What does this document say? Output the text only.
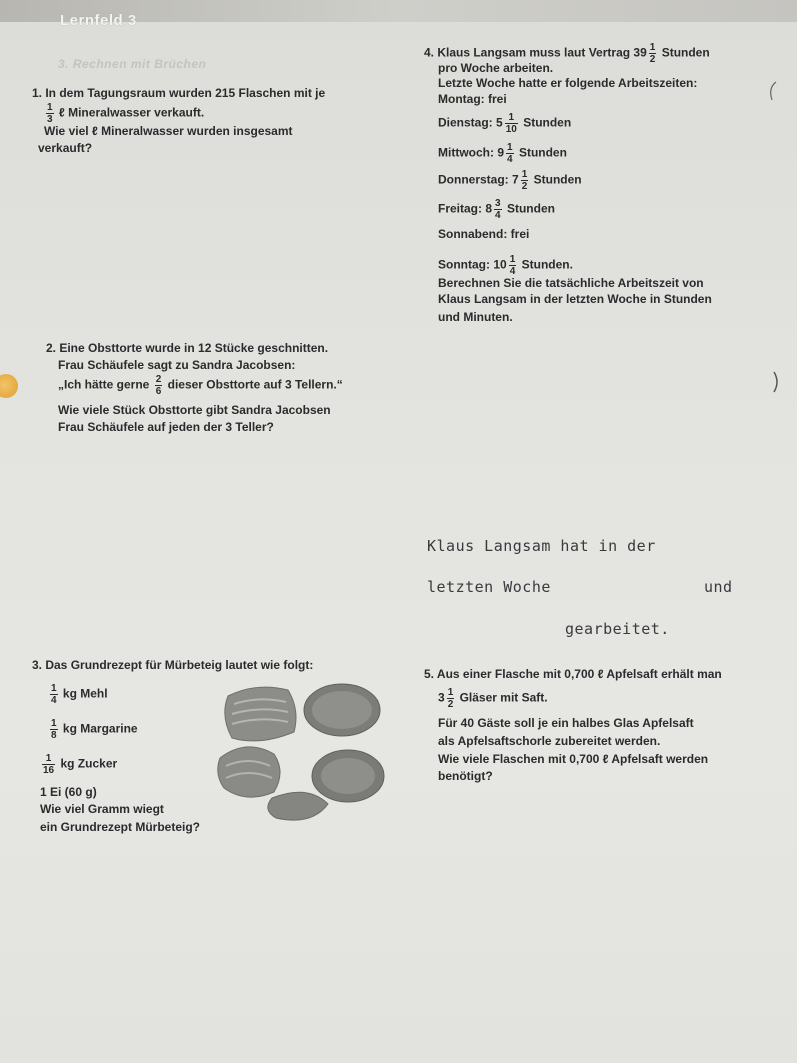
Lernfeld 3
3. Rechnen mit Brüchen
1. In dem Tagungsraum wurden 215 Flaschen mit je
$\frac{1}{3}$ ℓ Mineralwasser verkauft.
Wie viel ℓ Mineralwasser wurden insgesamt
verkauft?
4. Klaus Langsam muss laut Vertrag $39 \frac{1}{2}$ Stunden
pro Woche arbeiten.
Letzte Woche hatte er folgende Arbeitszeiten:
Montag: frei
Dienstag: $5 \frac{1}{10}$ Stunden
Mittwoch: $9 \frac{1}{4}$ Stunden
Donnerstag: $7 \frac{1}{2}$ Stunden
Freitag: $8 \frac{3}{4}$ Stunden
Sonnabend: frei
Sonntag: $10 \frac{1}{4}$ Stunden.
Berechnen Sie die tatsächliche Arbeitszeit von
Klaus Langsam in der letzten Woche in Stunden
und Minuten.
2. Eine Obsttorte wurde in 12 Stücke geschnitten.
Frau Schäufele sagt zu Sandra Jacobsen:
„Ich hätte gerne $\frac{2}{6}$ dieser Obsttorte auf 3 Tellern.“
Wie viele Stück Obsttorte gibt Sandra Jacobsen
Frau Schäufele auf jeden der 3 Teller?
Klaus Langsam hat in der
letzten Woche	und
gearbeitet.
3. Das Grundrezept für Mürbeteig lautet wie folgt:
$\frac{1}{4}$ kg Mehl
$\frac{1}{8}$ kg Margarine
$\frac{1}{16}$ kg Zucker
1 Ei (60 g)
Wie viel Gramm wiegt
ein Grundrezept Mürbeteig?
5. Aus einer Flasche mit 0,700 ℓ Apfelsaft erhält man
$3 \frac{1}{2}$ Gläser mit Saft.
Für 40 Gäste soll je ein halbes Glas Apfelsaft
als Apfelsaftschorle zubereitet werden.
Wie viele Flaschen mit 0,700 ℓ Apfelsaft werden
benötigt?
